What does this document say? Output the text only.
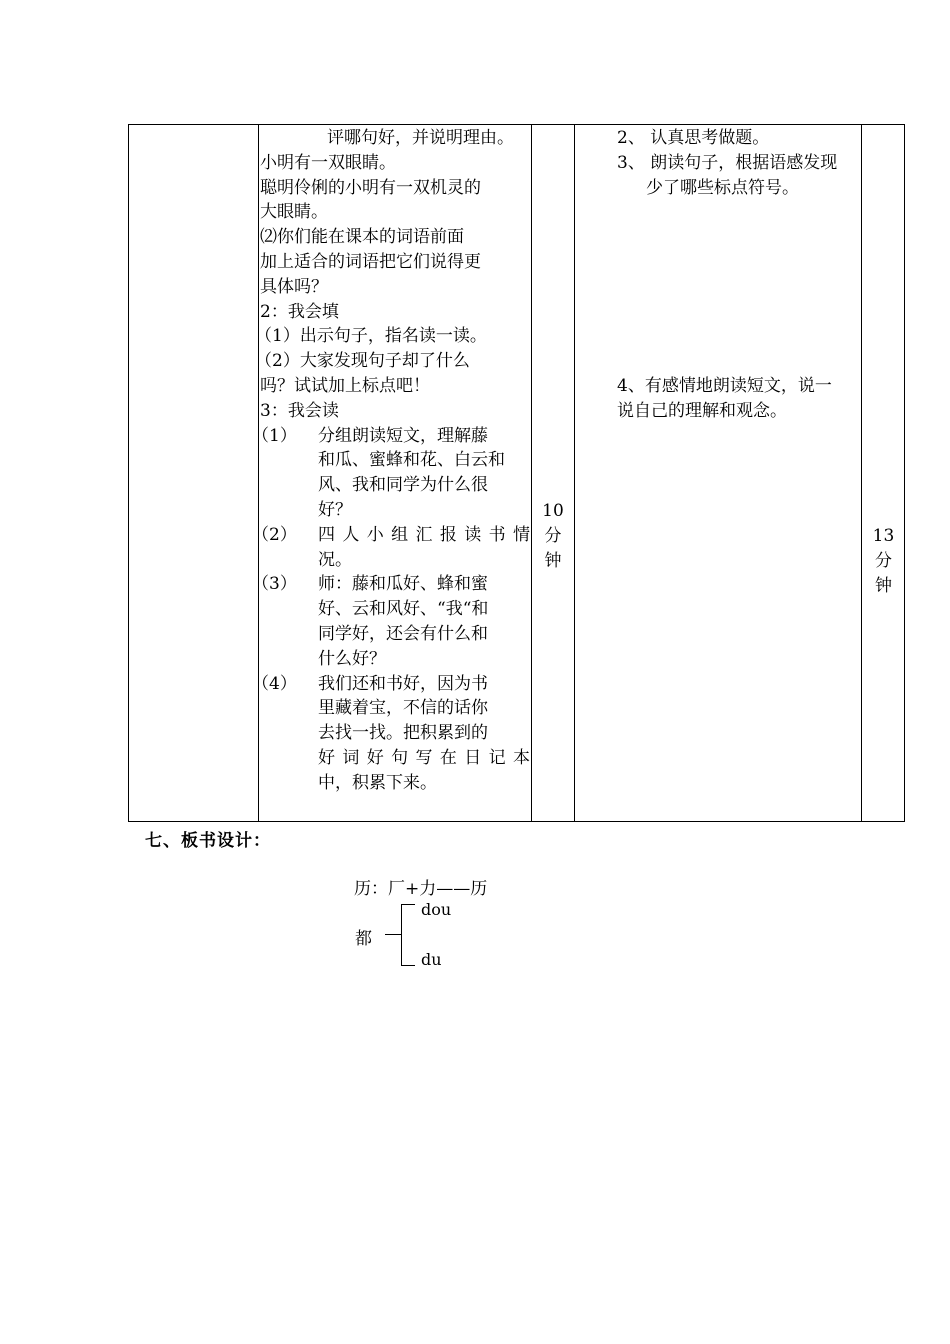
评哪句好，并说明理由。
小明有一双眼睛。
聪明伶俐的小明有一双机灵的
大眼睛。
⑵你们能在课本的词语前面
加上适合的词语把它们说得更
具体吗？
2：我会填
（1）出示句子，指名读一读。
（2）大家发现句子却了什么
吗？试试加上标点吧！
3：我会读
（1） 分组朗读短文，理解藤
和瓜、蜜蜂和花、白云和
风、我和同学为什么很
好？
（2） 四人小组汇报读书情
况。
（3） 师：藤和瓜好、蜂和蜜
好、云和风好、“我“和
同学好，还会有什么和
什么好？
（4） 我们还和书好，因为书
里藏着宝，不信的话你
去找一找。把积累到的
好词好句写在日记本
中，积累下来。
10
分
钟
2、 认真思考做题。
3、 朗读句子，根据语感发现
少了哪些标点符号。
4、有感情地朗读短文，说一
说自己的理解和观念。
13
分
钟
七、板书设计：
历：厂+力——历
都
dou
du
